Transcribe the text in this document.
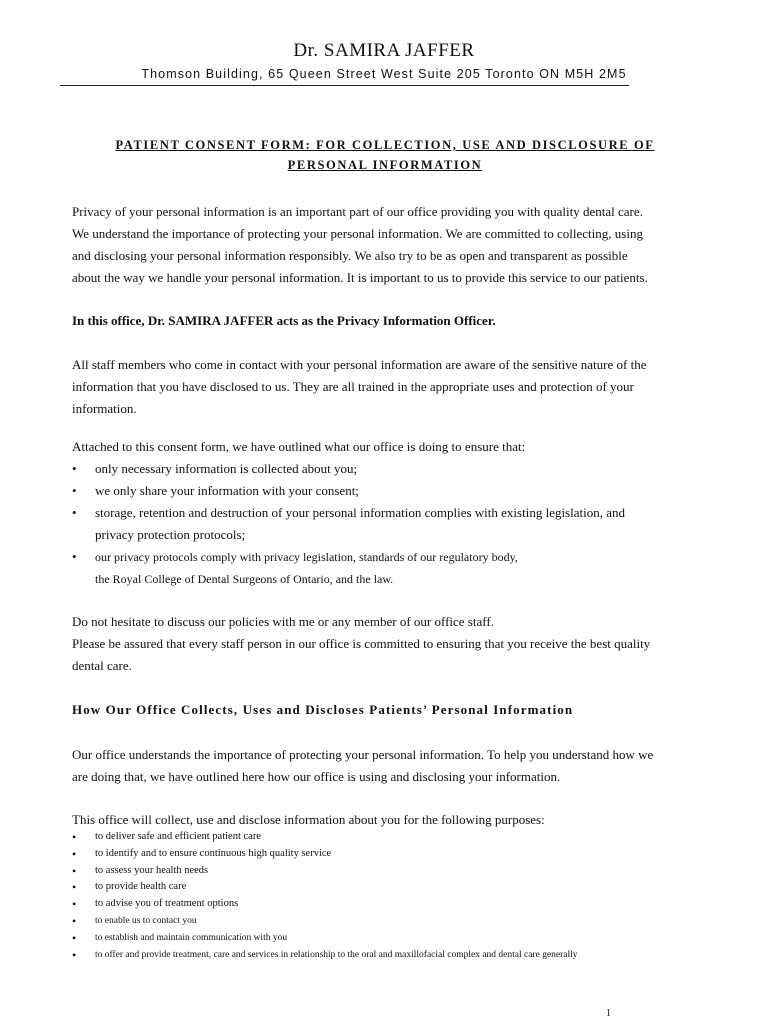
Dr. SAMIRA JAFFER
Thomson Building, 65 Queen Street West Suite 205 Toronto ON M5H 2M5
PATIENT CONSENT FORM: FOR COLLECTION, USE AND DISCLOSURE OF
PERSONAL INFORMATION
Privacy of your personal information is an important part of our office providing you with quality dental care.
We understand the importance of protecting your personal information. We are committed to collecting, using
and disclosing your personal information responsibly. We also try to be as open and transparent as possible
about the way we handle your personal information. It is important to us to provide this service to our patients.
In this office, Dr. SAMIRA JAFFER acts as the Privacy Information Officer.
All staff members who come in contact with your personal information are aware of the sensitive nature of the
information that you have disclosed to us. They are all trained in the appropriate uses and protection of your
information.
Attached to this consent form, we have outlined what our office is doing to ensure that:
• only necessary information is collected about you;
• we only share your information with your consent;
• storage, retention and destruction of your personal information complies with existing legislation, and
privacy protection protocols;
• our privacy protocols comply with privacy legislation, standards of our regulatory body,
the Royal College of Dental Surgeons of Ontario, and the law.
Do not hesitate to discuss our policies with me or any member of our office staff.
Please be assured that every staff person in our office is committed to ensuring that you receive the best quality
dental care.
How Our Office Collects, Uses and Discloses Patients’ Personal Information
Our office understands the importance of protecting your personal information. To help you understand how we
are doing that, we have outlined here how our office is using and disclosing your information.
This office will collect, use and disclose information about you for the following purposes:
• to deliver safe and efficient patient care
• to identify and to ensure continuous high quality service
• to assess your health needs
• to provide health care
• to advise you of treatment options
• to enable us to contact you
• to establish and maintain communication with you
• to offer and provide treatment, care and services in relationship to the oral and maxillofacial complex and dental care generally
1
